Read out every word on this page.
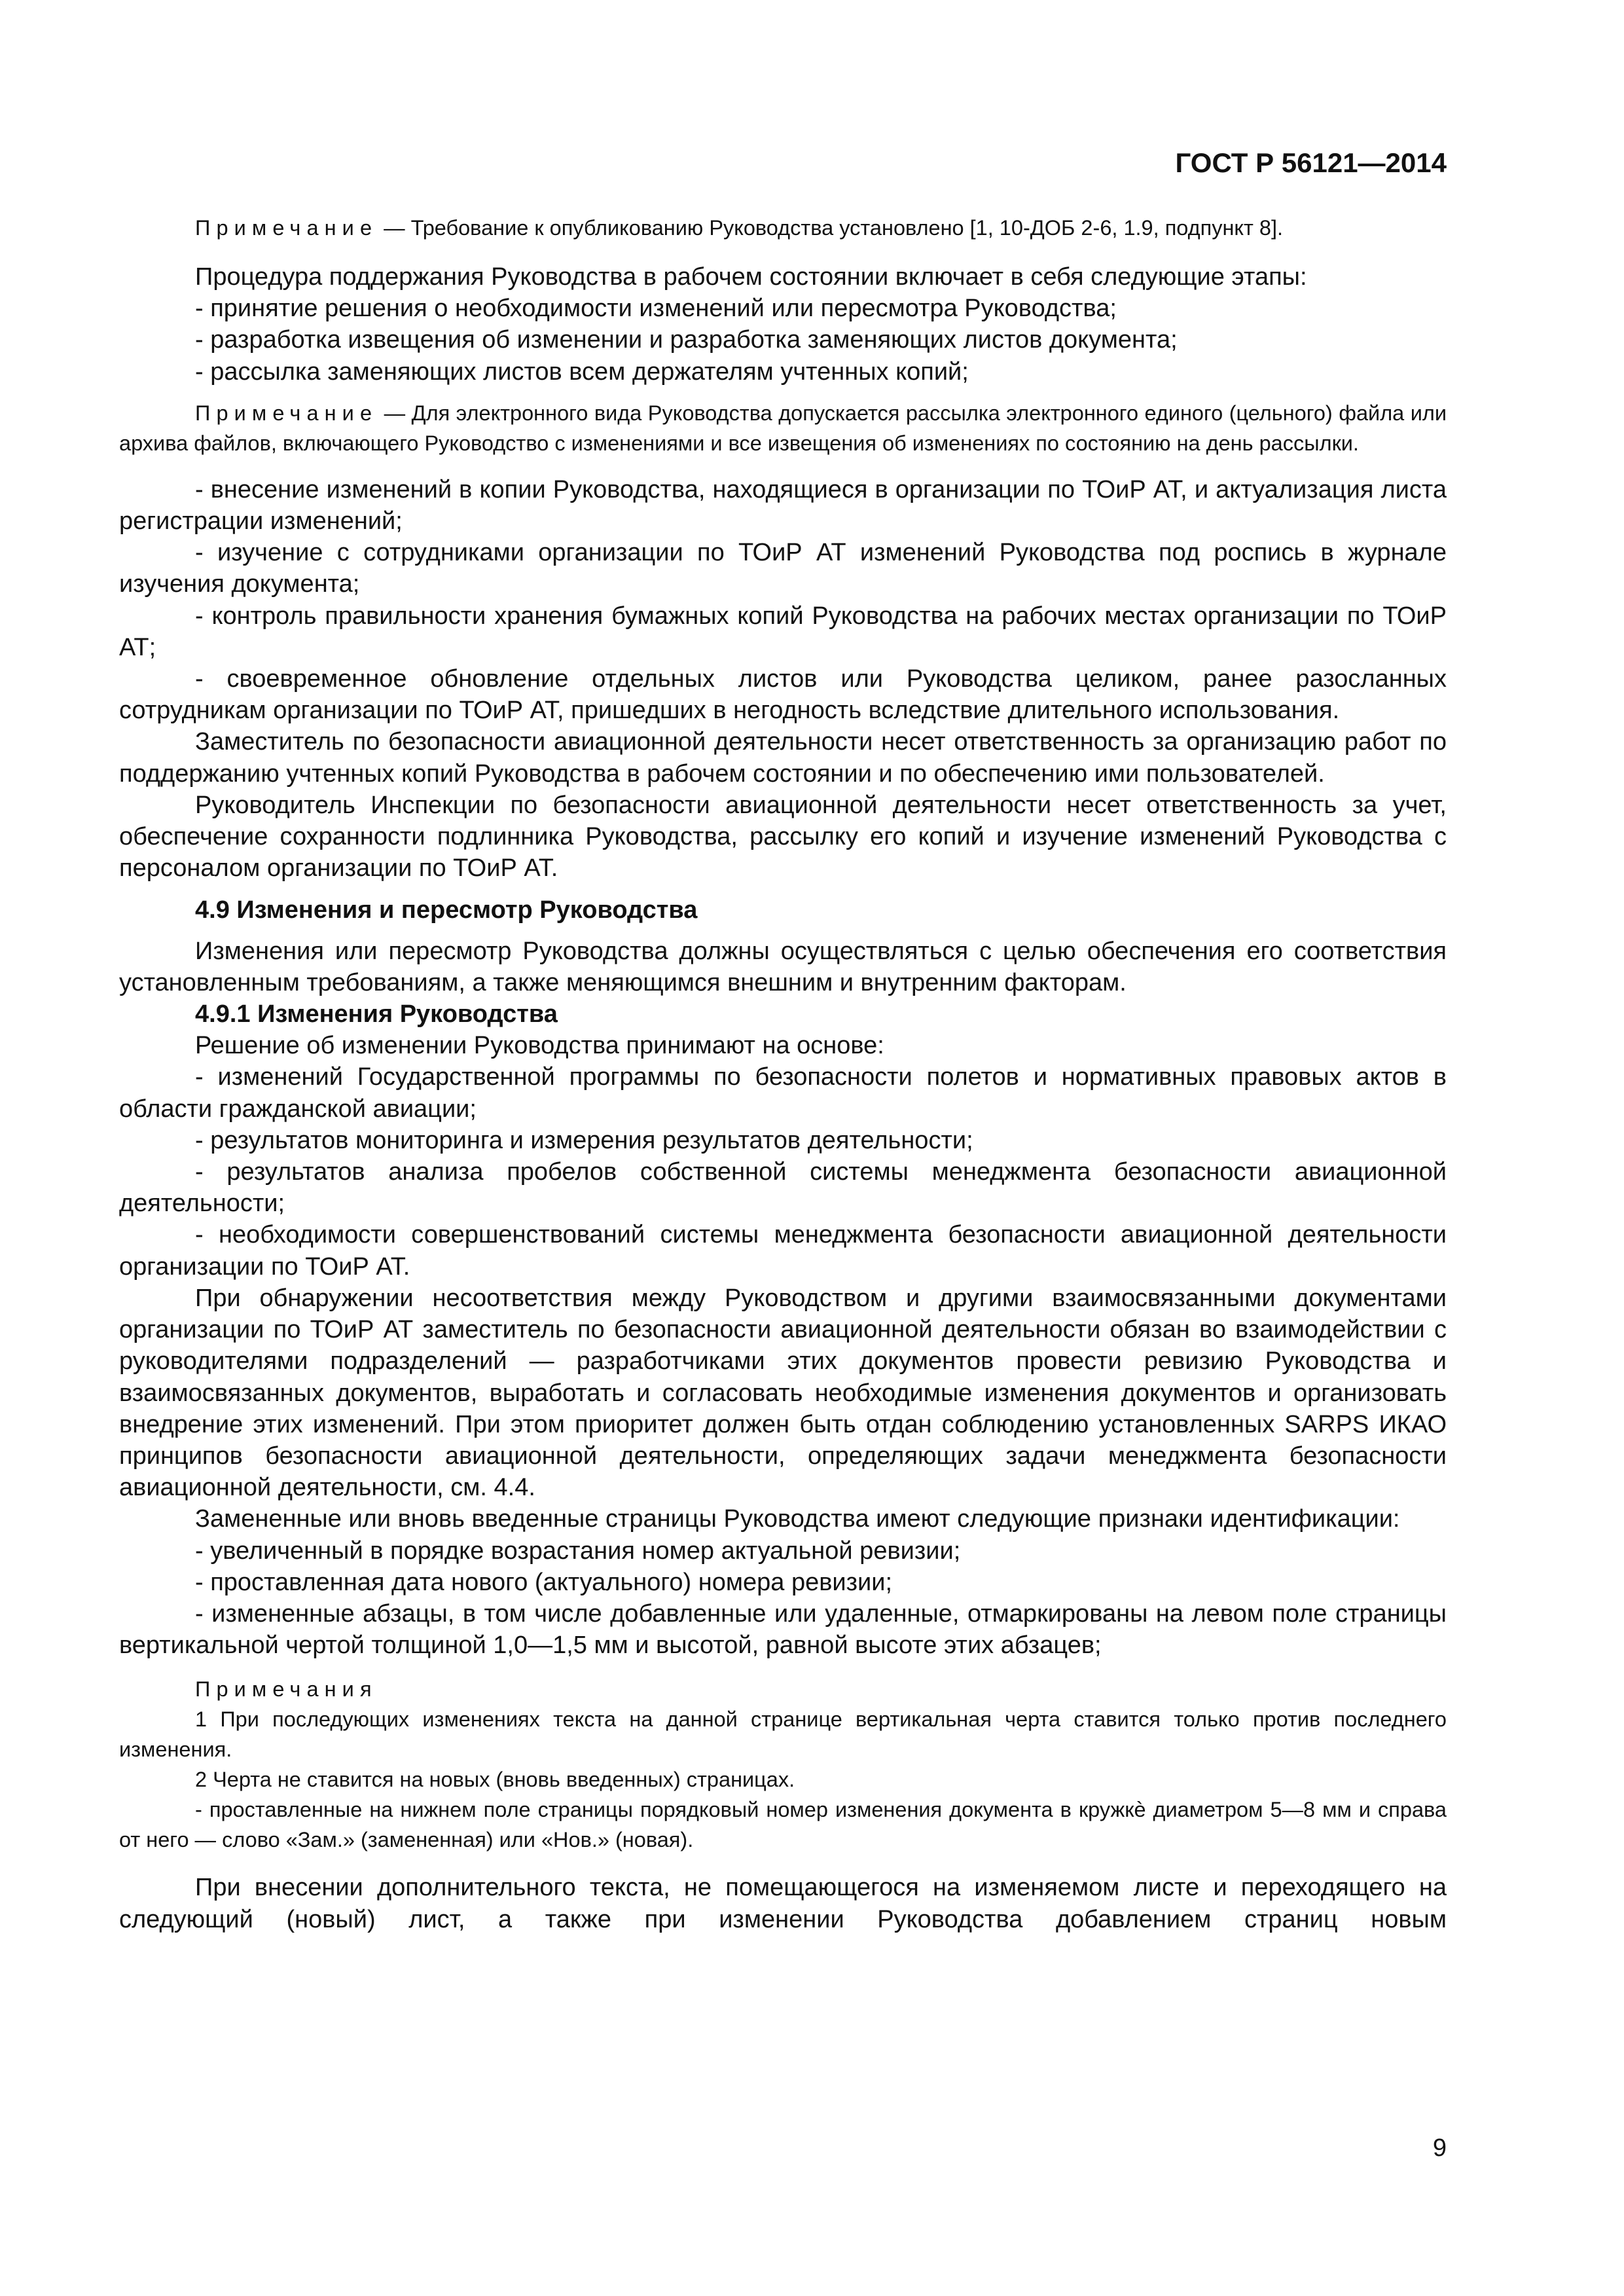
ГОСТ Р 56121—2014

Примечание — Требование к опубликованию Руководства установлено [1, 10-ДОБ 2-6, 1.9, подпункт 8].

Процедура поддержания Руководства в рабочем состоянии включает в себя следующие этапы:

- принятие решения о необходимости изменений или пересмотра Руководства;

- разработка извещения об изменении и разработка заменяющих листов документа;

- рассылка заменяющих листов всем держателям учтенных копий;

Примечание — Для электронного вида Руководства допускается рассылка электронного единого (цельного) файла или архива файлов, включающего Руководство с изменениями и все извещения об изменениях по состоянию на день рассылки.

- внесение изменений в копии Руководства, находящиеся в организации по ТОиР АТ, и актуализация листа регистрации изменений;

- изучение с сотрудниками организации по ТОиР АТ изменений Руководства под роспись в журнале изучения документа;

- контроль правильности хранения бумажных копий Руководства на рабочих местах организации по ТОиР АТ;

- своевременное обновление отдельных листов или Руководства целиком, ранее разосланных сотрудникам организации по ТОиР АТ, пришедших в негодность вследствие длительного использования.

Заместитель по безопасности авиационной деятельности несет ответственность за организацию работ по поддержанию учтенных копий Руководства в рабочем состоянии и по обеспечению ими пользователей.

Руководитель Инспекции по безопасности авиационной деятельности несет ответственность за учет, обеспечение сохранности подлинника Руководства, рассылку его копий и изучение изменений Руководства с персоналом организации по ТОиР АТ.

4.9 Изменения и пересмотр Руководства

Изменения или пересмотр Руководства должны осуществляться с целью обеспечения его соответствия установленным требованиям, а также меняющимся внешним и внутренним факторам.

4.9.1 Изменения Руководства

Решение об изменении Руководства принимают на основе:

- изменений Государственной программы по безопасности полетов и нормативных правовых актов в области гражданской авиации;

- результатов мониторинга и измерения результатов деятельности;

- результатов анализа пробелов собственной системы менеджмента безопасности авиационной деятельности;

- необходимости совершенствований системы менеджмента безопасности авиационной деятельности организации по ТОиР АТ.

При обнаружении несоответствия между Руководством и другими взаимосвязанными документами организации по ТОиР АТ заместитель по безопасности авиационной деятельности обязан во взаимодействии с руководителями подразделений — разработчиками этих документов провести ревизию Руководства и взаимосвязанных документов, выработать и согласовать необходимые изменения документов и организовать внедрение этих изменений. При этом приоритет должен быть отдан соблюдению установленных SARPS ИКАО принципов безопасности авиационной деятельности, определяющих задачи менеджмента безопасности авиационной деятельности, см. 4.4.

Замененные или вновь введенные страницы Руководства имеют следующие признаки идентификации:

- увеличенный в порядке возрастания номер актуальной ревизии;

- проставленная дата нового (актуального) номера ревизии;

- измененные абзацы, в том числе добавленные или удаленные, отмаркированы на левом поле страницы вертикальной чертой толщиной 1,0—1,5 мм и высотой, равной высоте этих абзацев;

Примечания

1 При последующих изменениях текста на данной странице вертикальная черта ставится только против последнего изменения.

2 Черта не ставится на новых (вновь введенных) страницах.

- проставленные на нижнем поле страницы порядковый номер изменения документа в кружкѐ диаметром 5—8 мм и справа от него — слово «Зам.» (замененная) или «Нов.» (новая).

При внесении дополнительного текста, не помещающегося на изменяемом листе и переходящего на следующий (новый) лист, а также при изменении Руководства добавлением страниц новым

9
